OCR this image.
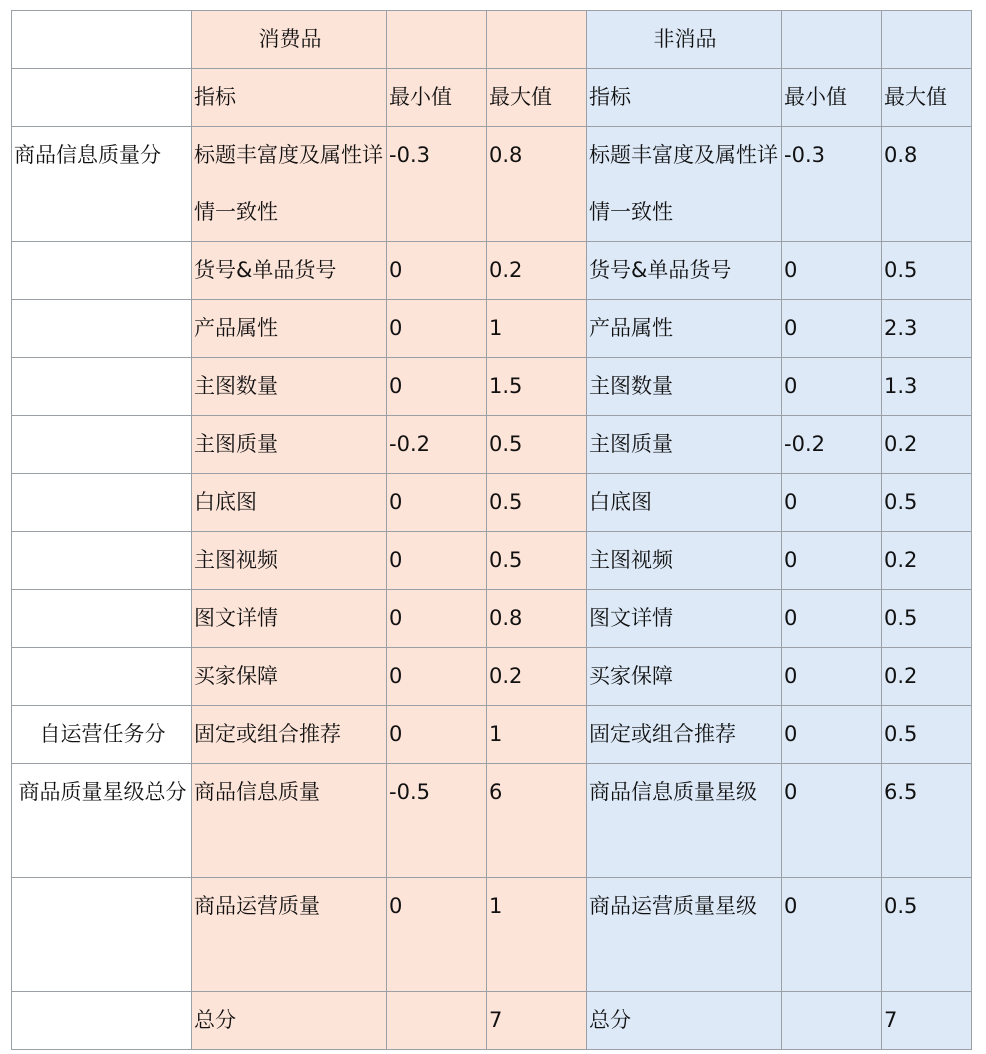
	消费品			非消品		
	指标	最小值	最大值	指标	最小值	最大值
商品信息质量分	标题丰富度及属性详情一致性	-0.3	0.8	标题丰富度及属性详情一致性	-0.3	0.8
	货号&单品货号	0	0.2	货号&单品货号	0	0.5
	产品属性	0	1	产品属性	0	2.3
	主图数量	0	1.5	主图数量	0	1.3
	主图质量	-0.2	0.5	主图质量	-0.2	0.2
	白底图	0	0.5	白底图	0	0.5
	主图视频	0	0.5	主图视频	0	0.2
	图文详情	0	0.8	图文详情	0	0.5
	买家保障	0	0.2	买家保障	0	0.2
自运营任务分	固定或组合推荐	0	1	固定或组合推荐	0	0.5
商品质量星级总分	商品信息质量	-0.5	6	商品信息质量星级	0	6.5
	商品运营质量	0	1	商品运营质量星级	0	0.5
	总分		7	总分		7
